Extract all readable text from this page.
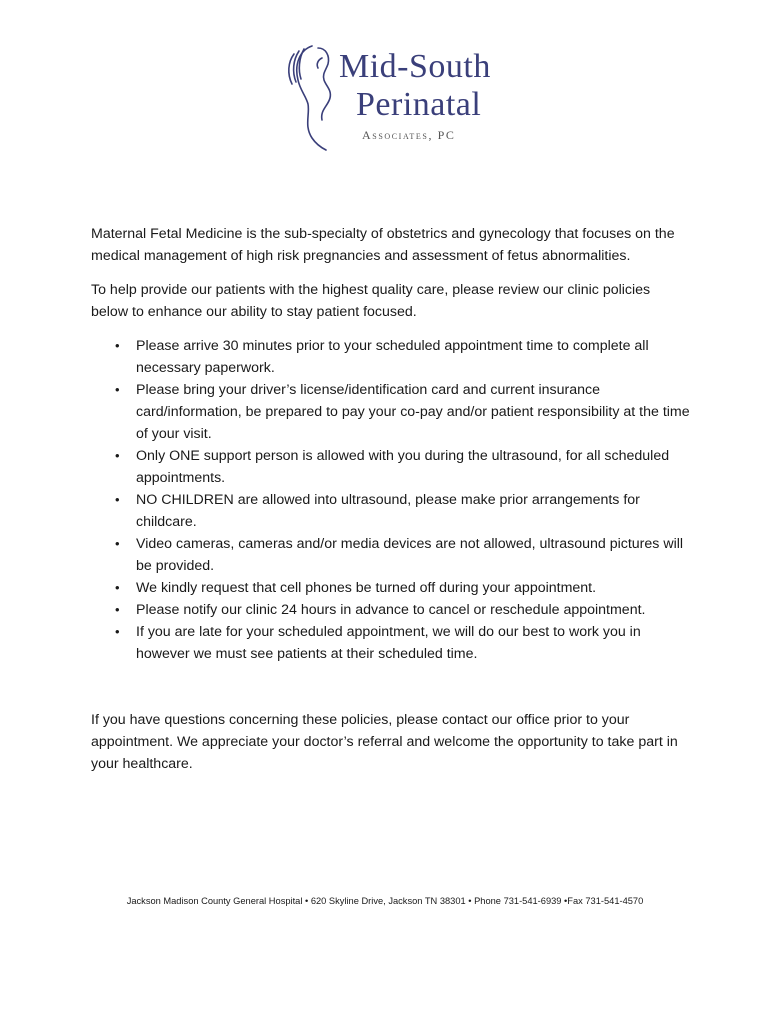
Mid-South
Perinatal
Associates, PC

Maternal Fetal Medicine is the sub-specialty of obstetrics and gynecology that focuses on the medical management of high risk pregnancies and assessment of fetus abnormalities.

To help provide our patients with the highest quality care, please review our clinic policies below to enhance our ability to stay patient focused.

• Please arrive 30 minutes prior to your scheduled appointment time to complete all necessary paperwork.
• Please bring your driver’s license/identification card and current insurance card/information, be prepared to pay your co-pay and/or patient responsibility at the time of your visit.
• Only ONE support person is allowed with you during the ultrasound, for all scheduled appointments.
• NO CHILDREN are allowed into ultrasound, please make prior arrangements for childcare.
• Video cameras, cameras and/or media devices are not allowed, ultrasound pictures will be provided.
• We kindly request that cell phones be turned off during your appointment.
• Please notify our clinic 24 hours in advance to cancel or reschedule appointment.
• If you are late for your scheduled appointment, we will do our best to work you in however we must see patients at their scheduled time.

If you have questions concerning these policies, please contact our office prior to your appointment. We appreciate your doctor’s referral and welcome the opportunity to take part in your healthcare.

Jackson Madison County General Hospital • 620 Skyline Drive, Jackson TN 38301 • Phone 731-541-6939 •Fax 731-541-4570
